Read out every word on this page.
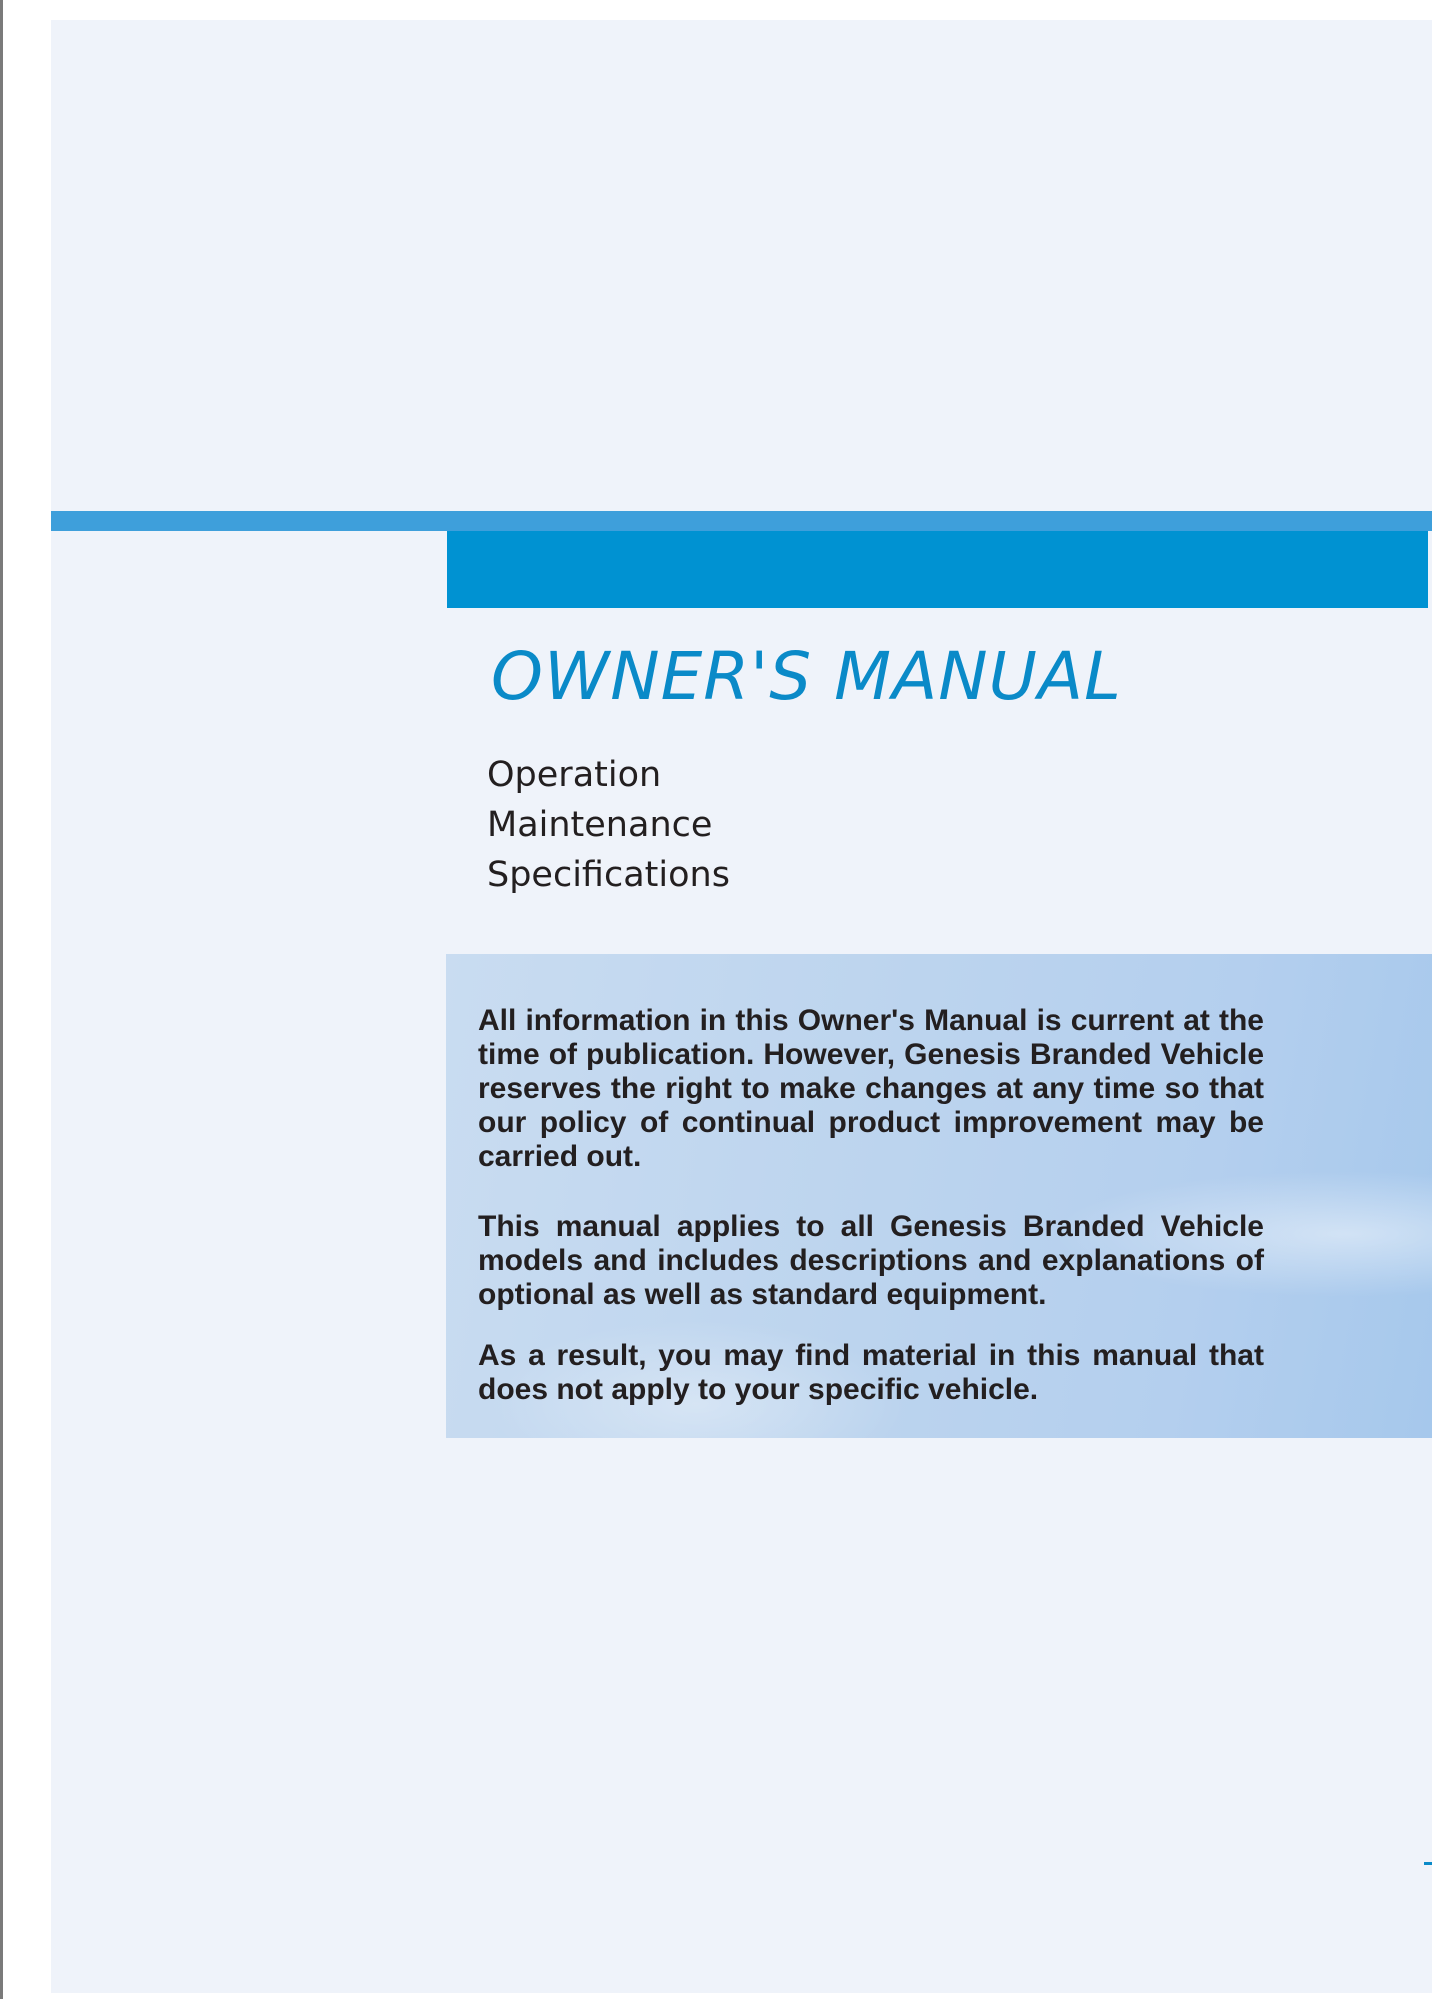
OWNER'S MANUAL
Operation
Maintenance
Specifications

All information in this Owner's Manual is current at the time of publication. However, Genesis Branded Vehicle reserves the right to make changes at any time so that our policy of continual product improvement may be carried out.

This manual applies to all Genesis Branded Vehicle models and includes descriptions and explanations of optional as well as standard equipment.

As a result, you may find material in this manual that does not apply to your specific vehicle.
